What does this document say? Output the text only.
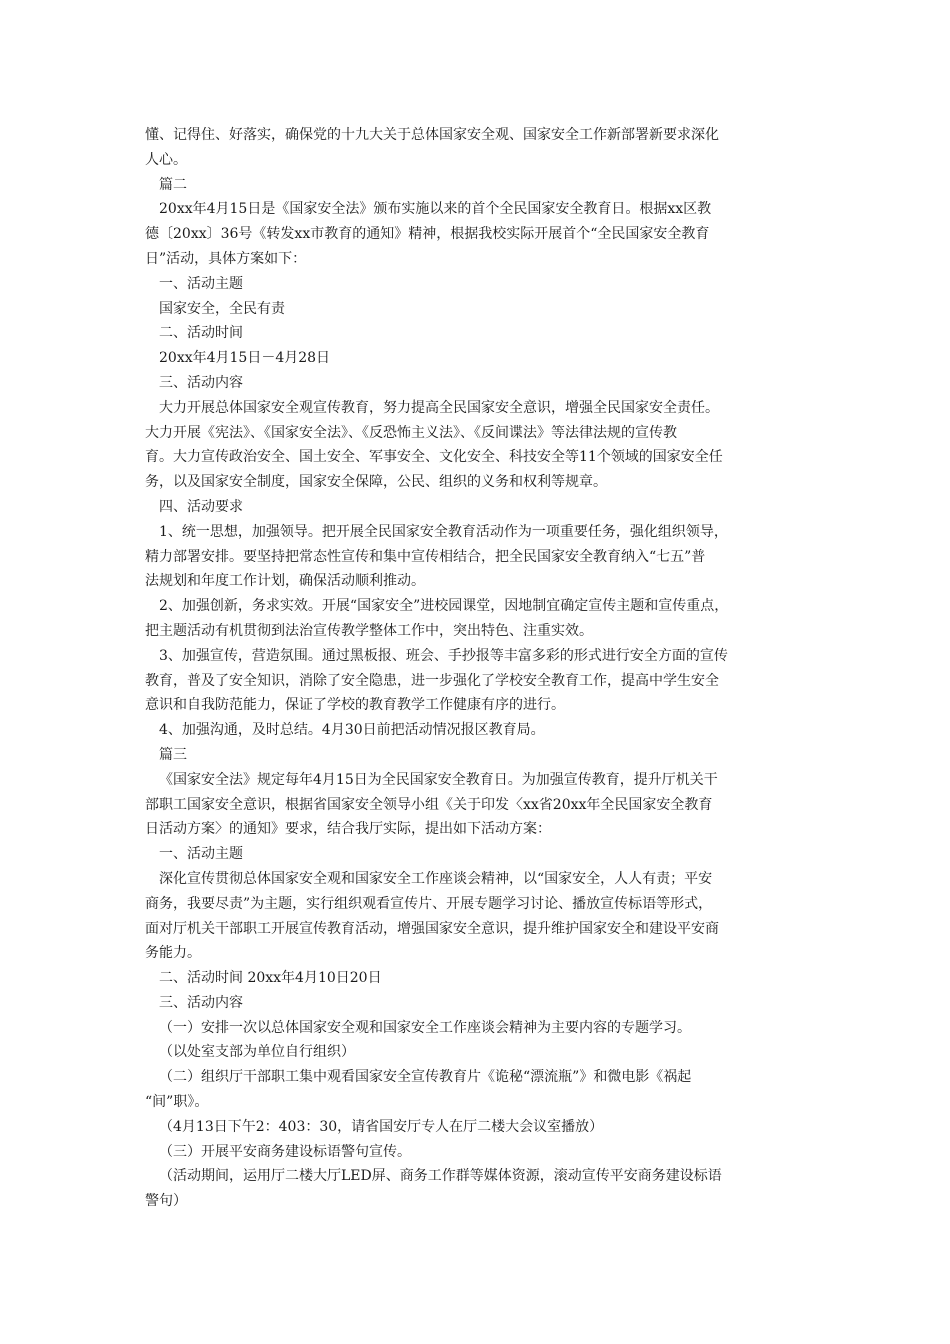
懂、记得住、好落实，确保党的十九大关于总体国家安全观、国家安全工作新部署新要求深化

人心。

篇二

20xx年4月15日是《国家安全法》颁布实施以来的首个全民国家安全教育日。根据xx区教

德〔20xx〕36号《转发xx市教育的通知》精神，根据我校实际开展首个“全民国家安全教育

日”活动，具体方案如下：

一、活动主题

国家安全，全民有责

二、活动时间

20xx年4月15日－4月28日

三、活动内容

大力开展总体国家安全观宣传教育，努力提高全民国家安全意识，增强全民国家安全责任。

大力开展《宪法》、《国家安全法》、《反恐怖主义法》、《反间谍法》等法律法规的宣传教

育。大力宣传政治安全、国土安全、军事安全、文化安全、科技安全等11个领域的国家安全任

务，以及国家安全制度，国家安全保障，公民、组织的义务和权利等规章。

四、活动要求

1、统一思想，加强领导。把开展全民国家安全教育活动作为一项重要任务，强化组织领导，

精力部署安排。要坚持把常态性宣传和集中宣传相结合，把全民国家安全教育纳入“七五”普

法规划和年度工作计划，确保活动顺利推动。

2、加强创新，务求实效。开展“国家安全”进校园课堂，因地制宜确定宣传主题和宣传重点，

把主题活动有机贯彻到法治宣传教学整体工作中，突出特色、注重实效。

3、加强宣传，营造氛围。通过黑板报、班会、手抄报等丰富多彩的形式进行安全方面的宣传

教育，普及了安全知识，消除了安全隐患，进一步强化了学校安全教育工作，提高中学生安全

意识和自我防范能力，保证了学校的教育教学工作健康有序的进行。

4、加强沟通，及时总结。4月30日前把活动情况报区教育局。

篇三

《国家安全法》规定每年4月15日为全民国家安全教育日。为加强宣传教育，提升厅机关干

部职工国家安全意识，根据省国家安全领导小组《关于印发〈xx省20xx年全民国家安全教育

日活动方案〉的通知》要求，结合我厅实际，提出如下活动方案：

一、活动主题

深化宣传贯彻总体国家安全观和国家安全工作座谈会精神，以“国家安全，人人有责；平安

商务，我要尽责”为主题，实行组织观看宣传片、开展专题学习讨论、播放宣传标语等形式，

面对厅机关干部职工开展宣传教育活动，增强国家安全意识，提升维护国家安全和建设平安商

务能力。

二、活动时间 20xx年4月10日20日

三、活动内容

（一）安排一次以总体国家安全观和国家安全工作座谈会精神为主要内容的专题学习。

（以处室支部为单位自行组织）

（二）组织厅干部职工集中观看国家安全宣传教育片《诡秘“漂流瓶”》和微电影《祸起

“间”职》。

（4月13日下午2：403：30，请省国安厅专人在厅二楼大会议室播放）

（三）开展平安商务建设标语警句宣传。

（活动期间，运用厅二楼大厅LED屏、商务工作群等媒体资源，滚动宣传平安商务建设标语

警句）
